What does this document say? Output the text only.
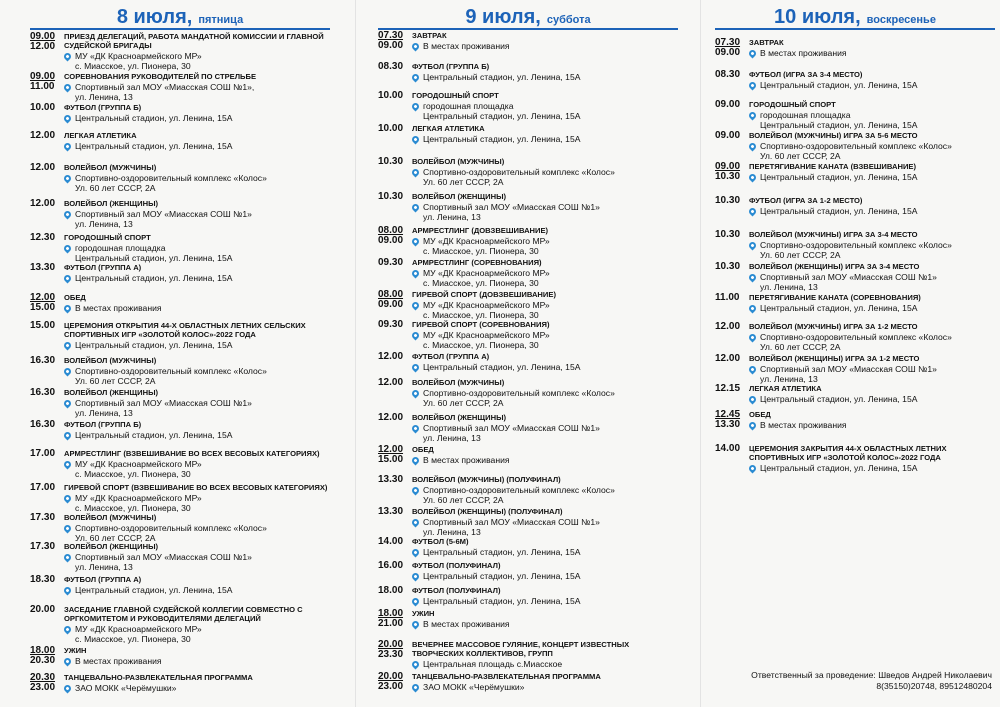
8 июля, пятница
09.00
12.00
ПРИЕЗД ДЕЛЕГАЦИЙ, РАБОТА МАНДАТНОЙ КОМИССИИ И ГЛАВНОЙ СУДЕЙСКОЙ БРИГАДЫ
МУ «ДК Красноармейского МР»
с. Миасское, ул. Пионера, 30
09.00
11.00
СОРЕВНОВАНИЯ РУКОВОДИТЕЛЕЙ ПО СТРЕЛЬБЕ
Спортивный зал МОУ «Миасская СОШ №1»,
ул. Ленина, 13
10.00	ФУТБОЛ (ГРУППА Б)
Центральный стадион, ул. Ленина, 15А
12.00	ЛЕГКАЯ АТЛЕТИКА
Центральный стадион, ул. Ленина, 15А
12.00	ВОЛЕЙБОЛ (МУЖЧИНЫ)
Спортивно-оздоровительный комплекс «Колос»
Ул. 60 лет СССР, 2А
12.00	ВОЛЕЙБОЛ (ЖЕНЩИНЫ)
Спортивный зал МОУ «Миасская СОШ №1»
ул. Ленина, 13
12.30	ГОРОДОШНЫЙ СПОРТ
городошная площадка
Центральный стадион, ул. Ленина, 15А
13.30	ФУТБОЛ (ГРУППА А)
Центральный стадион, ул. Ленина, 15А
12.00
15.00
ОБЕД
В местах проживания
15.00	ЦЕРЕМОНИЯ ОТКРЫТИЯ 44-Х ОБЛАСТНЫХ ЛЕТНИХ СЕЛЬСКИХ СПОРТИВНЫХ ИГР «ЗОЛОТОЙ КОЛОС»-2022 ГОДА
Центральный стадион, ул. Ленина, 15А
16.30	ВОЛЕЙБОЛ (МУЖЧИНЫ)
Спортивно-оздоровительный комплекс «Колос»
Ул. 60 лет СССР, 2А
16.30	ВОЛЕЙБОЛ (ЖЕНЩИНЫ)
Спортивный зал МОУ «Миасская СОШ №1»
ул. Ленина, 13
16.30	ФУТБОЛ (ГРУППА Б)
Центральный стадион, ул. Ленина, 15А
17.00	АРМРЕСТЛИНГ (ВЗВЕШИВАНИЕ ВО ВСЕХ ВЕСОВЫХ КАТЕГОРИЯХ)
МУ «ДК Красноармейского МР»
с. Миасское, ул. Пионера, 30
17.00	ГИРЕВОЙ СПОРТ (ВЗВЕШИВАНИЕ ВО ВСЕХ ВЕСОВЫХ КАТЕГОРИЯХ)
МУ «ДК Красноармейского МР»
с. Миасское, ул. Пионера, 30
17.30	ВОЛЕЙБОЛ (МУЖЧИНЫ)
Спортивно-оздоровительный комплекс «Колос»
Ул. 60 лет СССР, 2А
17.30	ВОЛЕЙБОЛ (ЖЕНЩИНЫ)
Спортивный зал МОУ «Миасская СОШ №1»
ул. Ленина, 13
18.30	ФУТБОЛ (ГРУППА А)
Центральный стадион, ул. Ленина, 15А
20.00	ЗАСЕДАНИЕ ГЛАВНОЙ СУДЕЙСКОЙ КОЛЛЕГИИ СОВМЕСТНО С ОРГКОМИТЕТОМ И РУКОВОДИТЕЛЯМИ ДЕЛЕГАЦИЙ
МУ «ДК Красноармейского МР»
с. Миасское, ул. Пионера, 30
18.00
20.30
УЖИН
В местах проживания
20.30
23.00
ТАНЦЕВАЛЬНО-РАЗВЛЕКАТЕЛЬНАЯ ПРОГРАММА
ЗАО МОКК «Черёмушки»
9 июля, суббота
07.30
09.00
ЗАВТРАК
В местах проживания
08.30	ФУТБОЛ (ГРУППА Б)
Центральный стадион, ул. Ленина, 15А
10.00	ГОРОДОШНЫЙ СПОРТ
городошная площадка
Центральный стадион, ул. Ленина, 15А
10.00	ЛЕГКАЯ АТЛЕТИКА
Центральный стадион, ул. Ленина, 15А
10.30	ВОЛЕЙБОЛ (МУЖЧИНЫ)
Спортивно-оздоровительный комплекс «Колос»
Ул. 60 лет СССР, 2А
10.30	ВОЛЕЙБОЛ (ЖЕНЩИНЫ)
Спортивный зал МОУ «Миасская СОШ №1»
ул. Ленина, 13
08.00
09.00
АРМРЕСТЛИНГ (ДОВЗВЕШИВАНИЕ)
МУ «ДК Красноармейского МР»
с. Миасское, ул. Пионера, 30
09.30	АРМРЕСТЛИНГ (СОРЕВНОВАНИЯ)
МУ «ДК Красноармейского МР»
с. Миасское, ул. Пионера, 30
08.00
09.00
ГИРЕВОЙ СПОРТ (ДОВЗВЕШИВАНИЕ)
МУ «ДК Красноармейского МР»
с. Миасское, ул. Пионера, 30
09.30	ГИРЕВОЙ СПОРТ (СОРЕВНОВАНИЯ)
МУ «ДК Красноармейского МР»
с. Миасское, ул. Пионера, 30
12.00	ФУТБОЛ (ГРУППА А)
Центральный стадион, ул. Ленина, 15А
12.00	ВОЛЕЙБОЛ (МУЖЧИНЫ)
Спортивно-оздоровительный комплекс «Колос»
Ул. 60 лет СССР, 2А
12.00	ВОЛЕЙБОЛ (ЖЕНЩИНЫ)
Спортивный зал МОУ «Миасская СОШ №1»
ул. Ленина, 13
12.00
15.00
ОБЕД
В местах проживания
13.30	ВОЛЕЙБОЛ (МУЖЧИНЫ) (ПОЛУФИНАЛ)
Спортивно-оздоровительный комплекс «Колос»
Ул. 60 лет СССР, 2А
13.30	ВОЛЕЙБОЛ (ЖЕНЩИНЫ) (ПОЛУФИНАЛ)
Спортивный зал МОУ «Миасская СОШ №1»
ул. Ленина, 13
14.00	ФУТБОЛ (5-6М)
Центральный стадион, ул. Ленина, 15А
16.00	ФУТБОЛ (ПОЛУФИНАЛ)
Центральный стадион, ул. Ленина, 15А
18.00	ФУТБОЛ (ПОЛУФИНАЛ)
Центральный стадион, ул. Ленина, 15А
18.00
21.00
УЖИН
В местах проживания
20.00
23.30
ВЕЧЕРНЕЕ МАССОВОЕ ГУЛЯНИЕ, КОНЦЕРТ ИЗВЕСТНЫХ ТВОРЧЕСКИХ КОЛЛЕКТИВОВ, ГРУПП
Центральная площадь с.Миасское
20.00
23.00
ТАНЦЕВАЛЬНО-РАЗВЛЕКАТЕЛЬНАЯ ПРОГРАММА
ЗАО МОКК «Черёмушки»
10 июля, воскресенье
07.30
09.00
ЗАВТРАК
В местах проживания
08.30	ФУТБОЛ (ИГРА ЗА 3-4 МЕСТО)
Центральный стадион, ул. Ленина, 15А
09.00	ГОРОДОШНЫЙ СПОРТ
городошная площадка
Центральный стадион, ул. Ленина, 15А
09.00	ВОЛЕЙБОЛ (МУЖЧИНЫ) ИГРА ЗА 5-6 МЕСТО
Спортивно-оздоровительный комплекс «Колос»
Ул. 60 лет СССР, 2А
09.00
10.30
ПЕРЕТЯГИВАНИЕ КАНАТА (ВЗВЕШИВАНИЕ)
Центральный стадион, ул. Ленина, 15А
10.30	ФУТБОЛ (ИГРА ЗА 1-2 МЕСТО)
Центральный стадион, ул. Ленина, 15А
10.30	ВОЛЕЙБОЛ (МУЖЧИНЫ) ИГРА ЗА 3-4 МЕСТО
Спортивно-оздоровительный комплекс «Колос»
Ул. 60 лет СССР, 2А
10.30	ВОЛЕЙБОЛ (ЖЕНЩИНЫ) ИГРА ЗА 3-4 МЕСТО
Спортивный зал МОУ «Миасская СОШ №1»
ул. Ленина, 13
11.00	ПЕРЕТЯГИВАНИЕ КАНАТА (СОРЕВНОВАНИЯ)
Центральный стадион, ул. Ленина, 15А
12.00	ВОЛЕЙБОЛ (МУЖЧИНЫ) ИГРА ЗА 1-2 МЕСТО
Спортивно-оздоровительный комплекс «Колос»
Ул. 60 лет СССР, 2А
12.00	ВОЛЕЙБОЛ (ЖЕНЩИНЫ) ИГРА ЗА 1-2 МЕСТО
Спортивный зал МОУ «Миасская СОШ №1»
ул. Ленина, 13
12.15	ЛЕГКАЯ АТЛЕТИКА
Центральный стадион, ул. Ленина, 15А
12.45
13.30
ОБЕД
В местах проживания
14.00	ЦЕРЕМОНИЯ ЗАКРЫТИЯ 44-Х ОБЛАСТНЫХ ЛЕТНИХ СПОРТИВНЫХ ИГР «ЗОЛОТОЙ КОЛОС»-2022 ГОДА
Центральный стадион, ул. Ленина, 15А
Ответственный за проведение: Шведов Андрей Николаевич
8(35150)20748, 89512480204
